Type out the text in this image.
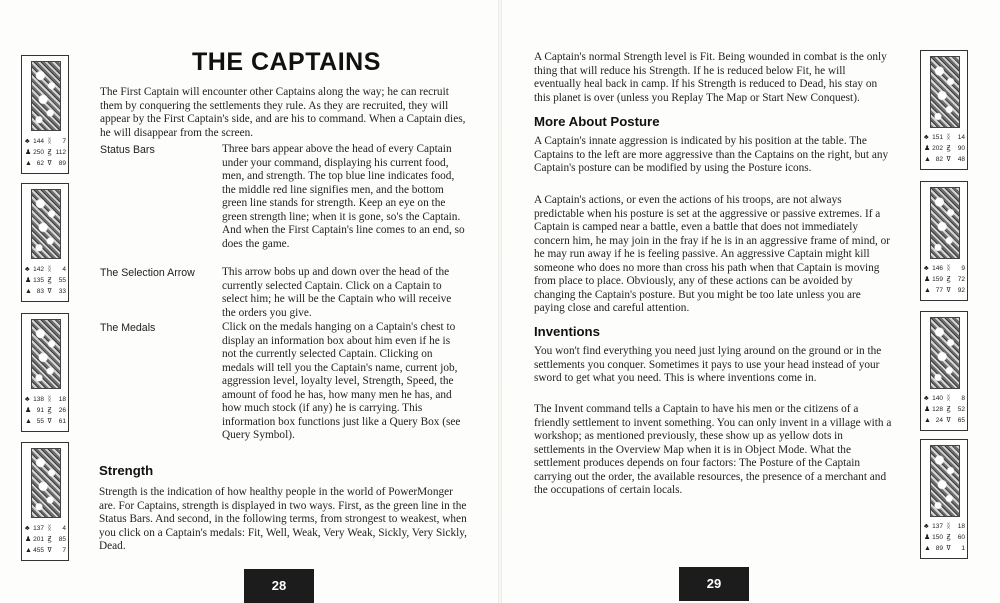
♣ 144 ᛝ	7
♟ 250 Ꙃ 112
▲ 62 ߜ	89
♣ 142 ᛝ	4
♟ 135 Ꙃ	55
▲ 83 ߜ	33
♣ 138 ᛝ	18
♟ 91 Ꙃ	26
▲ 55 ߜ	61
♣ 137 ᛝ	4
♟ 201 Ꙃ	85
▲ 455 ߜ	7
THE CAPTAINS

The First Captain will encounter other Captains along the way; he can recruit them by conquering the settlements they rule. As they are recruited, they will appear by the First Captain's side, and are his to command. When a Captain dies, he will disappear from the screen.

Status Bars	Three bars appear above the head of every Captain under your command, displaying his current food, men, and strength. The top blue line indicates food, the middle red line signifies men, and the bottom green line stands for strength. Keep an eye on the green strength line; when it is gone, so's the Captain. And when the First Captain's line comes to an end, so does the game.

The Selection Arrow This arrow bobs up and down over the head of the currently selected Captain. Click on a Captain to select him; he will be the Captain who will receive the orders you give.

The Medals	Click on the medals hanging on a Captain's chest to display an information box about him even if he is not the currently selected Captain. Clicking on medals will tell you the Captain's name, current job, aggression level, loyalty level, Strength, Speed, the amount of food he has, how many men he has, and how much stock (if any) he is carrying. This information box functions just like a Query Box (see Query Symbol).

Strength

Strength is the indication of how healthy people in the world of PowerMonger are. For Captains, strength is displayed in two ways. First, as the green line in the Status Bars. And second, in the following terms, from strongest to weakest, when you click on a Captain's medals: Fit, Well, Weak, Very Weak, Sickly, Very Sickly, Dead.

28

A Captain's normal Strength level is Fit. Being wounded in combat is the only thing that will reduce his Strength. If he is reduced below Fit, he will eventually heal back in camp. If his Strength is reduced to Dead, his stay on this planet is over (unless you Replay The Map or Start New Conquest).

More About Posture

A Captain's innate aggression is indicated by his position at the table. The Captains to the left are more aggressive than the Captains on the right, but any Captain's posture can be modified by using the Posture icons.

A Captain's actions, or even the actions of his troops, are not always predictable when his posture is set at the aggressive or passive extremes. If a Captain is camped near a battle, even a battle that does not immediately concern him, he may join in the fray if he is in an aggressive frame of mind, or he may run away if he is feeling passive. An aggressive Captain might kill someone who does no more than cross his path when that Captain is moving from place to place. Obviously, any of these actions can be avoided by changing the Captain's posture. But you might be too late unless you are paying close and careful attention.

Inventions

You won't find everything you need just lying around on the ground or in the settlements you conquer. Sometimes it pays to use your head instead of your sword to get what you need. This is where inventions come in.

The Invent command tells a Captain to have his men or the citizens of a friendly settlement to invent something. You can only invent in a village with a workshop; as mentioned previously, these show up as yellow dots in settlements in the Overview Map when it is in Object Mode. What the settlement produces depends on four factors: The Posture of the Captain carrying out the order, the available resources, the presence of a merchant and the occupations of certain locals.

29
♣ 151 ᛝ	14
♟ 202 Ꙃ	90
▲ 82 ߜ	48
♣ 146 ᛝ	9
♟ 159 Ꙃ	72
▲ 77 ߜ	92
♣ 140 ᛝ	8
♟ 128 Ꙃ	52
▲ 24 ߜ	65
♣ 137 ᛝ	18
♟ 150 Ꙃ	60
▲ 89 ߜ	1
